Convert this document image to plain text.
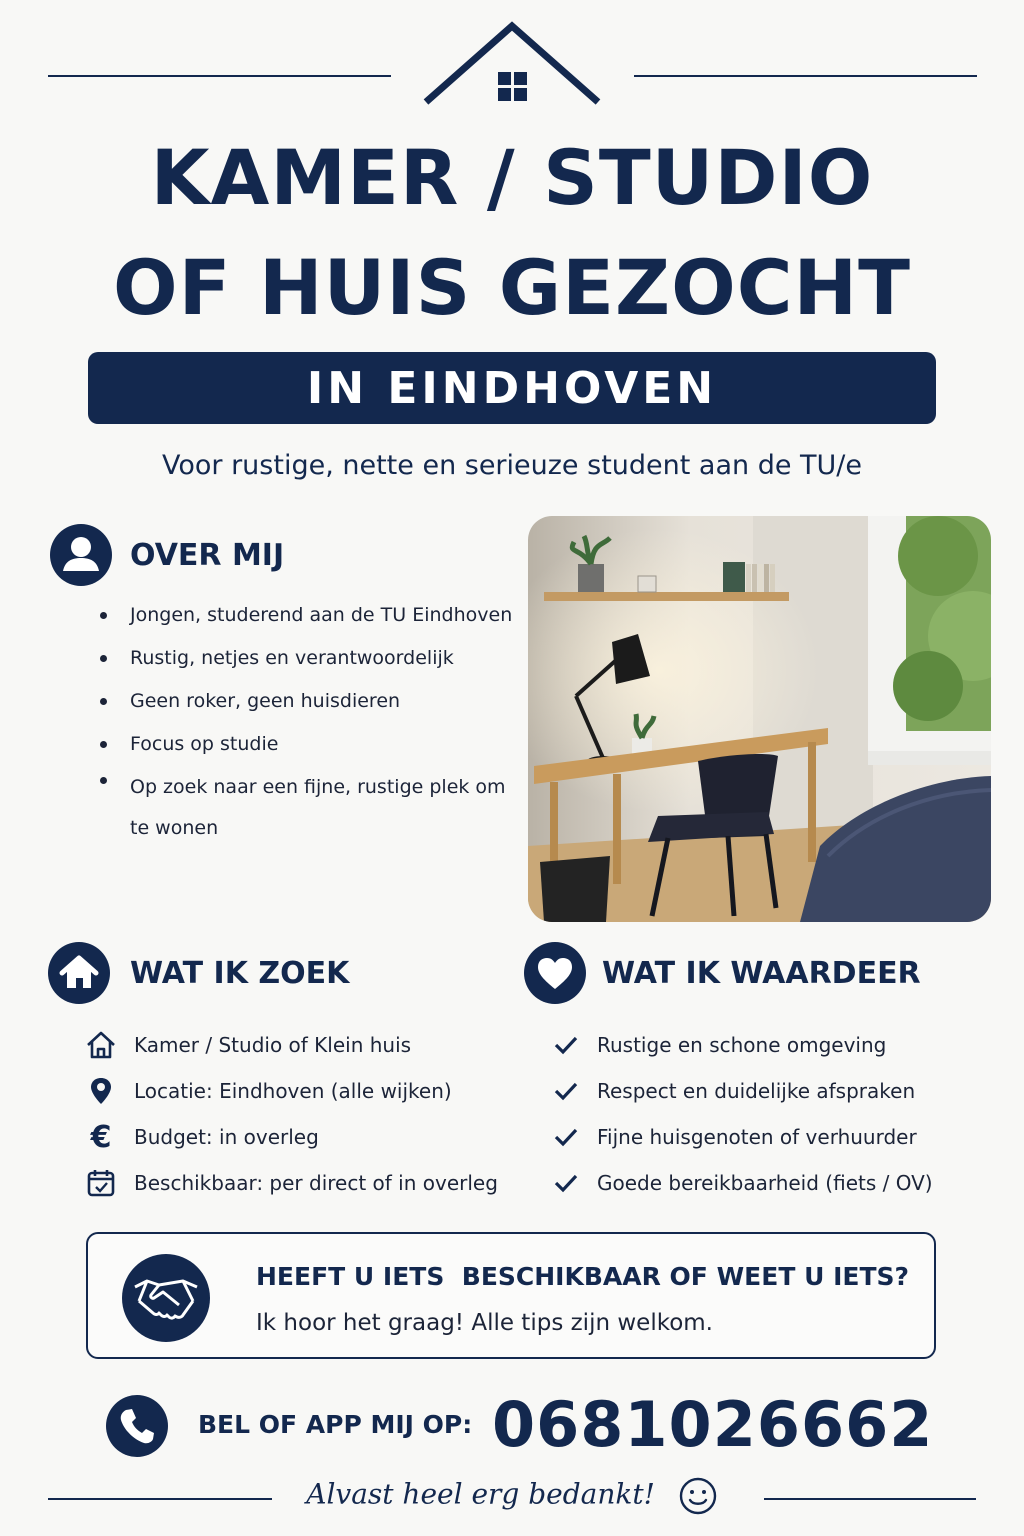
KAMER / STUDIO
OF HUIS GEZOCHT
IN EINDHOVEN
Voor rustige, nette en serieuze student aan de TU/e
OVER MIJ
Jongen, studerend aan de TU Eindhoven
Rustig, netjes en verantwoordelijk
Geen roker, geen huisdieren
Focus op studie
Op zoek naar een fijne, rustige plek om te wonen
WAT IK ZOEK
Kamer / Studio of Klein huis
Locatie: Eindhoven (alle wijken)
€	Budget: in overleg
Beschikbaar: per direct of in overleg
WAT IK WAARDEER
Rustige en schone omgeving
Respect en duidelijke afspraken
Fijne huisgenoten of verhuurder
Goede bereikbaarheid (fiets / OV)
HEEFT U IETS  BESCHIKBAAR OF WEET U IETS?
Ik hoor het graag! Alle tips zijn welkom.
BEL OF APP MIJ OP: 0681026662
Alvast heel erg bedankt!
